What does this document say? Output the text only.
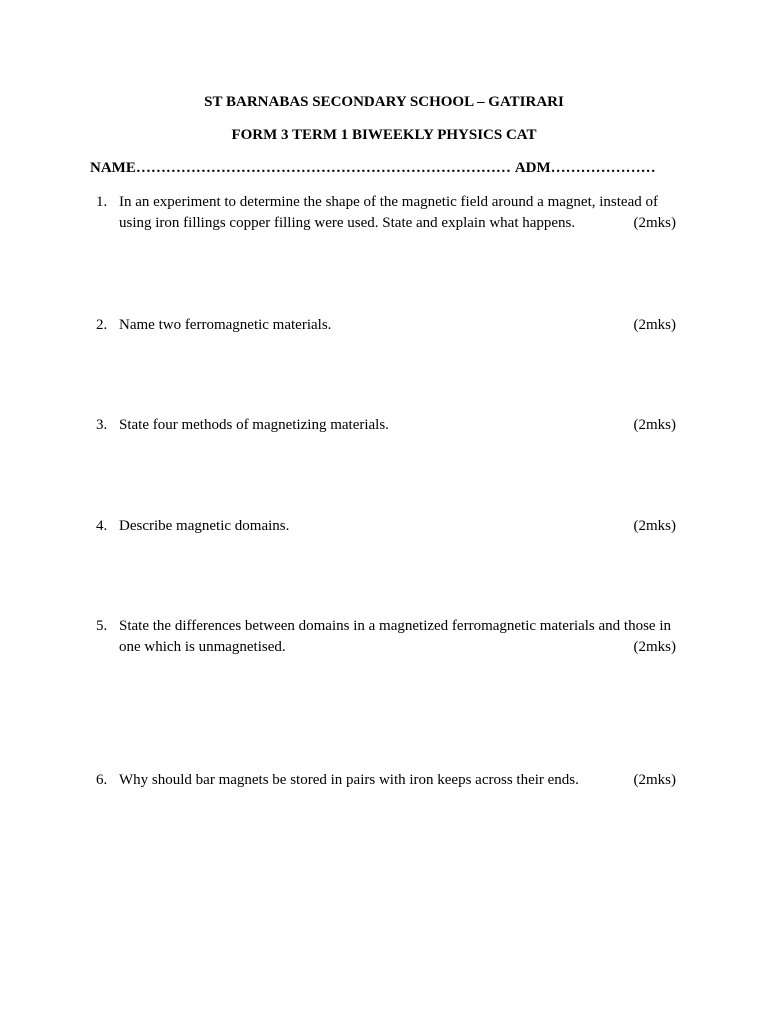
ST BARNABAS SECONDARY SCHOOL – GATIRARI

FORM 3 TERM 1 BIWEEKLY PHYSICS CAT

NAME………………………………………………………………… ADM…………………
1. In an experiment to determine the shape of the magnetic field around a magnet, instead of
using iron fillings copper filling were used. State and explain what happens.	(2mks)
2. Name two ferromagnetic materials.	(2mks)
3. State four methods of magnetizing materials.	(2mks)
4. Describe magnetic domains.	(2mks)
5. State the differences between domains in a magnetized ferromagnetic materials and those in
one which is unmagnetised.	(2mks)
6. Why should bar magnets be stored in pairs with iron keeps across their ends.	(2mks)
